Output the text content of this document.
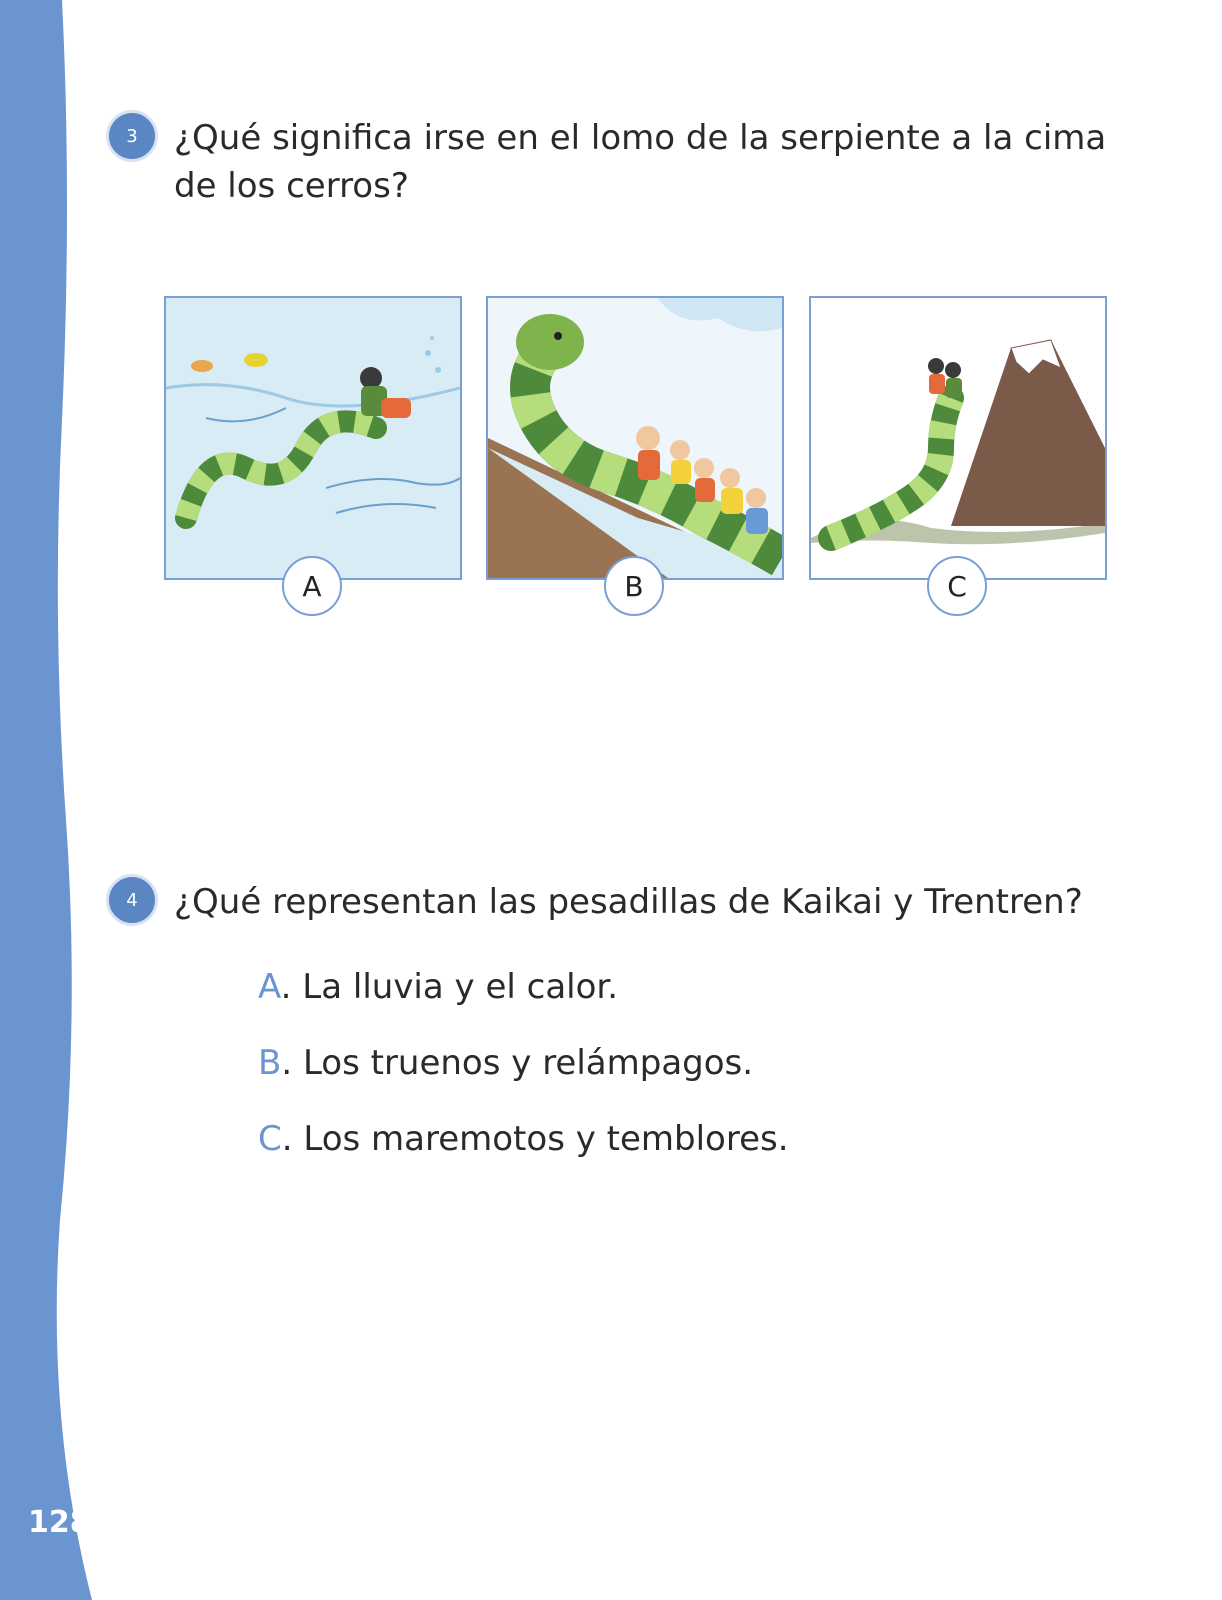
128
3	¿Qué significa irse en el lomo de la serpiente a la cima

de los cerros?

A	B	C
4	¿Qué representan las pesadillas de Kaikai y Trentren?

A. La lluvia y el calor.
B. Los truenos y relámpagos.
C. Los maremotos y temblores.
